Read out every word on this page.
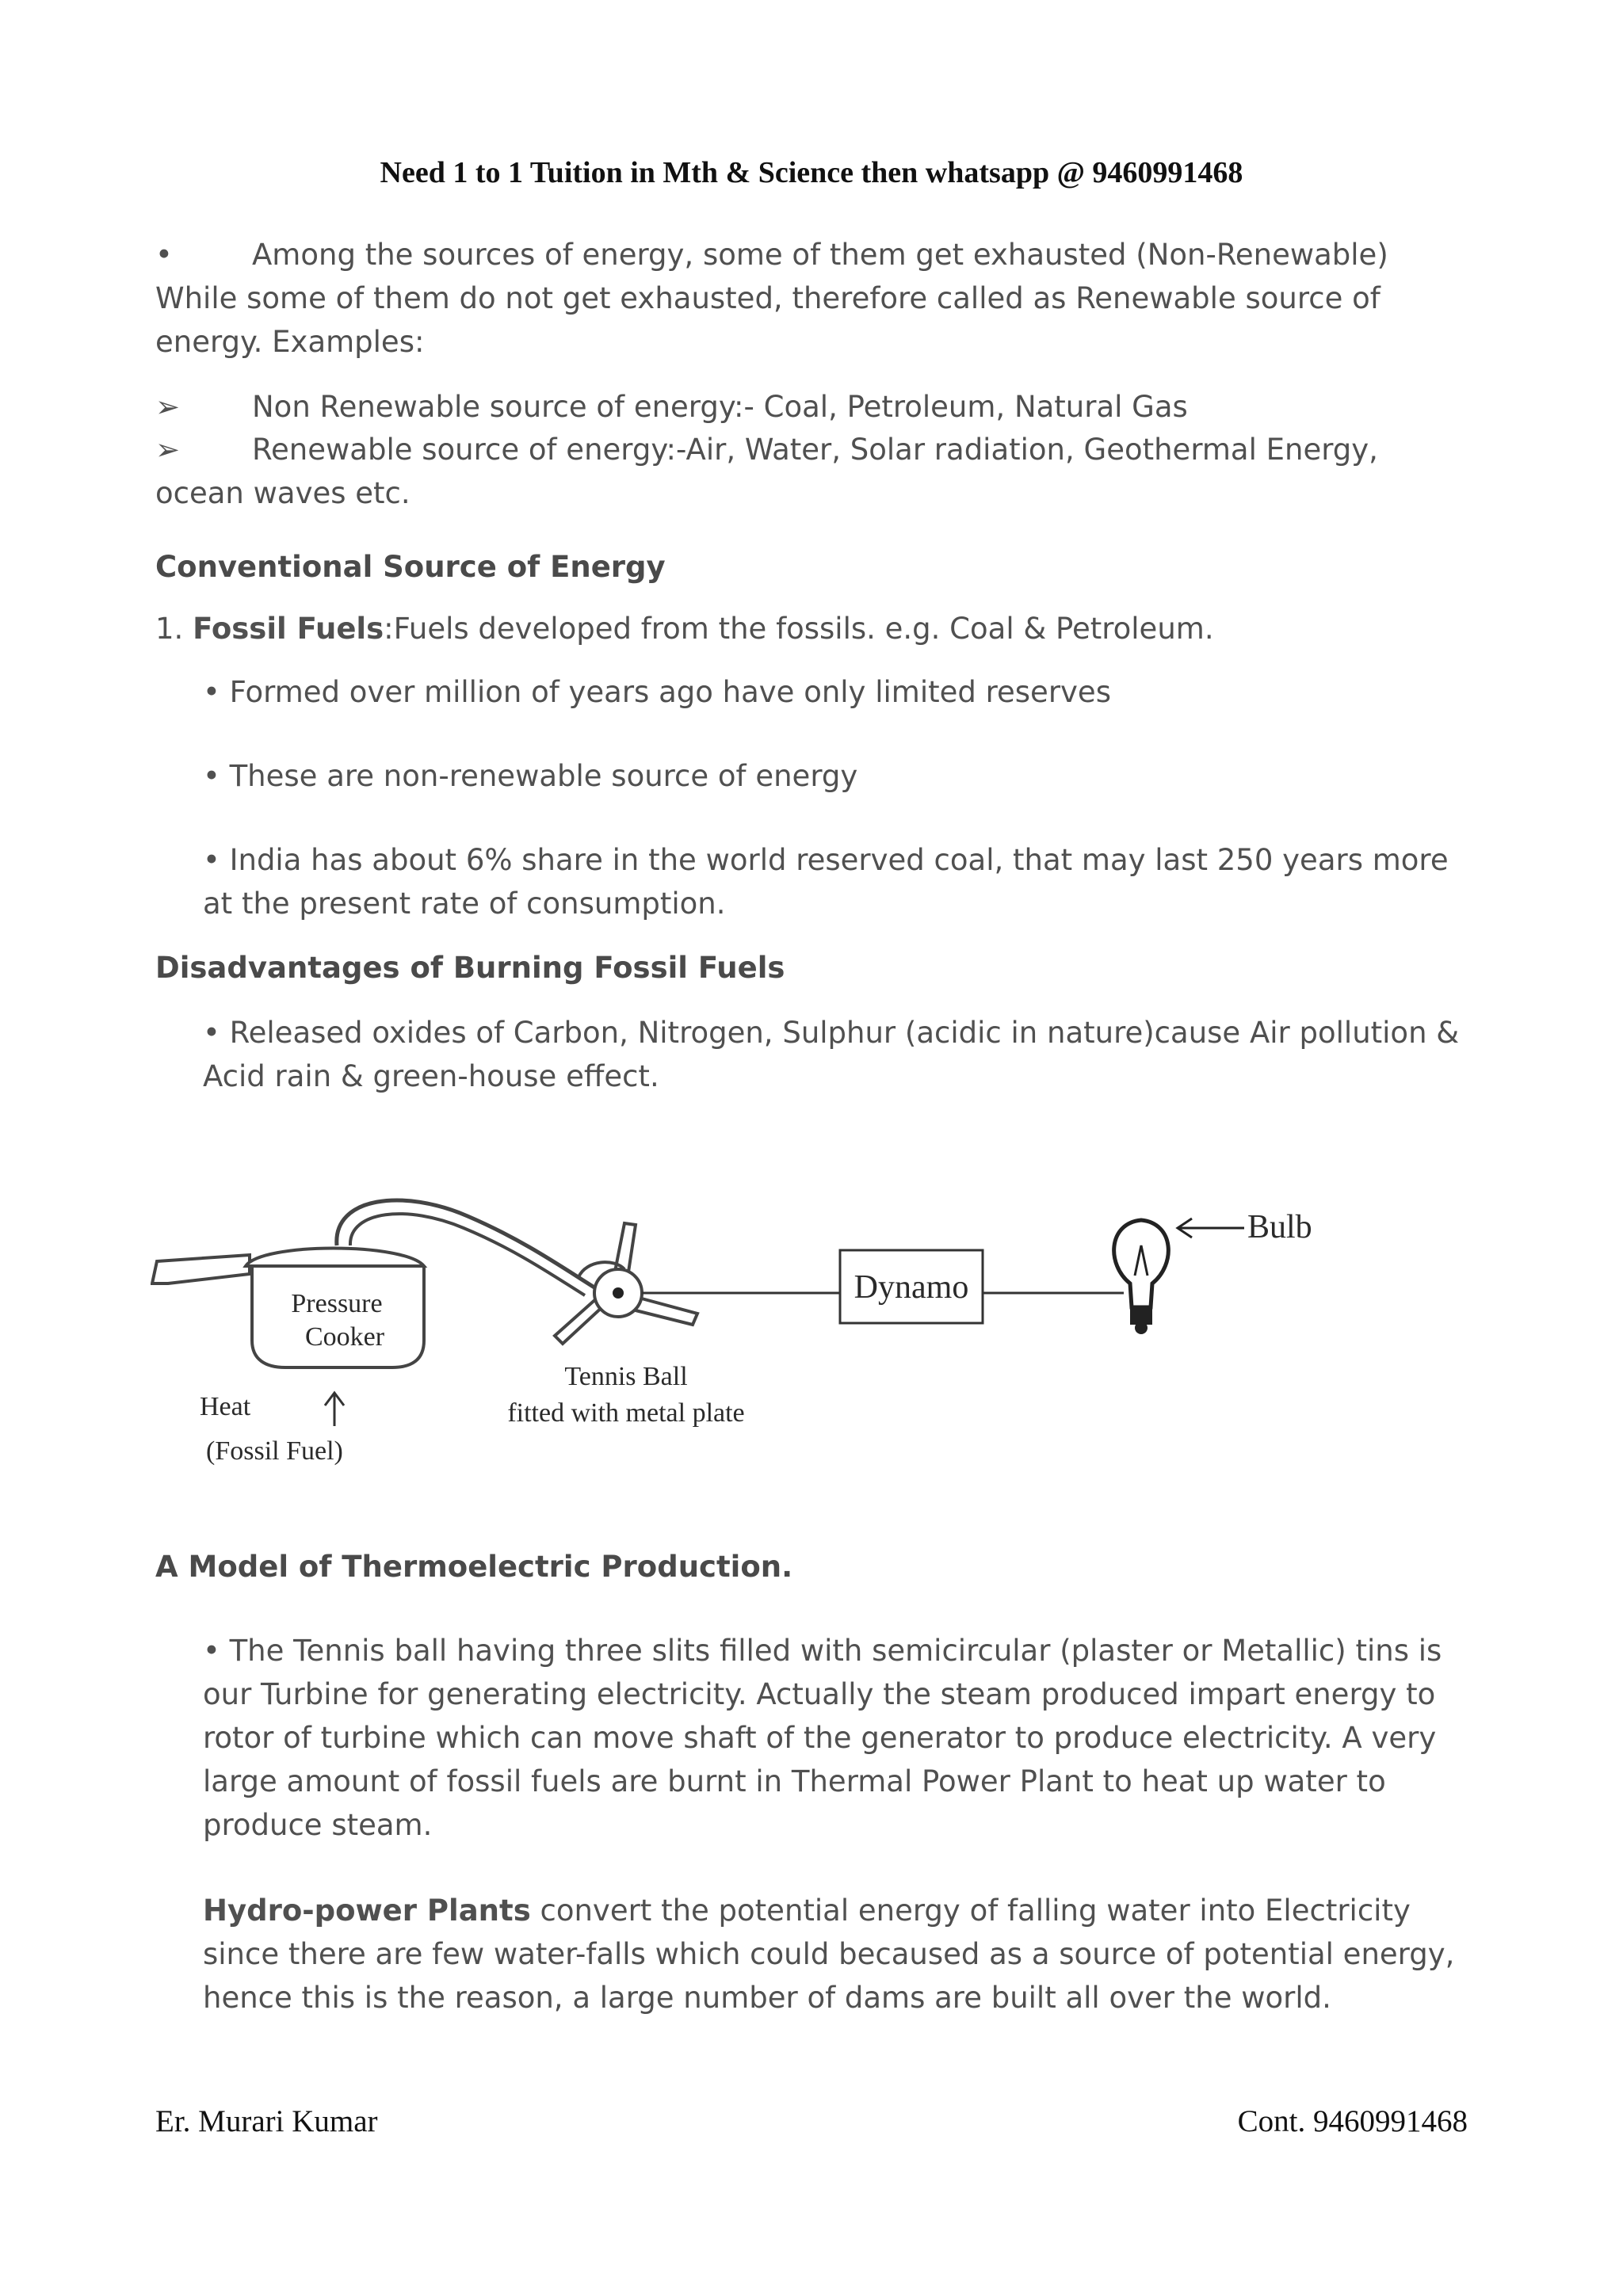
Need 1 to 1 Tuition in Mth & Science then whatsapp @ 9460991468
•	Among the sources of energy, some of them get exhausted (Non-Renewable) While some of them do not get exhausted, therefore called as Renewable source of energy. Examples:
➢ Non Renewable source of energy:- Coal, Petroleum, Natural Gas
➢ Renewable source of energy:-Air, Water, Solar radiation, Geothermal Energy, ocean waves etc.
Conventional Source of Energy
1. Fossil Fuels:Fuels developed from the fossils. e.g. Coal & Petroleum.
• Formed over million of years ago have only limited reserves
• These are non-renewable source of energy
• India has about 6% share in the world reserved coal, that may last 250 years more at the present rate of consumption.
Disadvantages of Burning Fossil Fuels
• Released oxides of Carbon, Nitrogen, Sulphur (acidic in nature)cause Air pollution & Acid rain & green-house effect.
Pressure
Cooker
Heat
(Fossil Fuel)
Tennis Ball
fitted with metal plate
Dynamo
Bulb
A Model of Thermoelectric Production.
• The Tennis ball having three slits filled with semicircular (plaster or Metallic) tins is our Turbine for generating electricity. Actually the steam produced impart energy to rotor of turbine which can move shaft of the generator to produce electricity. A very large amount of fossil fuels are burnt in Thermal Power Plant to heat up water to produce steam.
Hydro-power Plants convert the potential energy of falling water into Electricity since there are few water-falls which could becaused as a source of potential energy, hence this is the reason, a large number of dams are built all over the world.
Er. Murari Kumar	Cont. 9460991468
